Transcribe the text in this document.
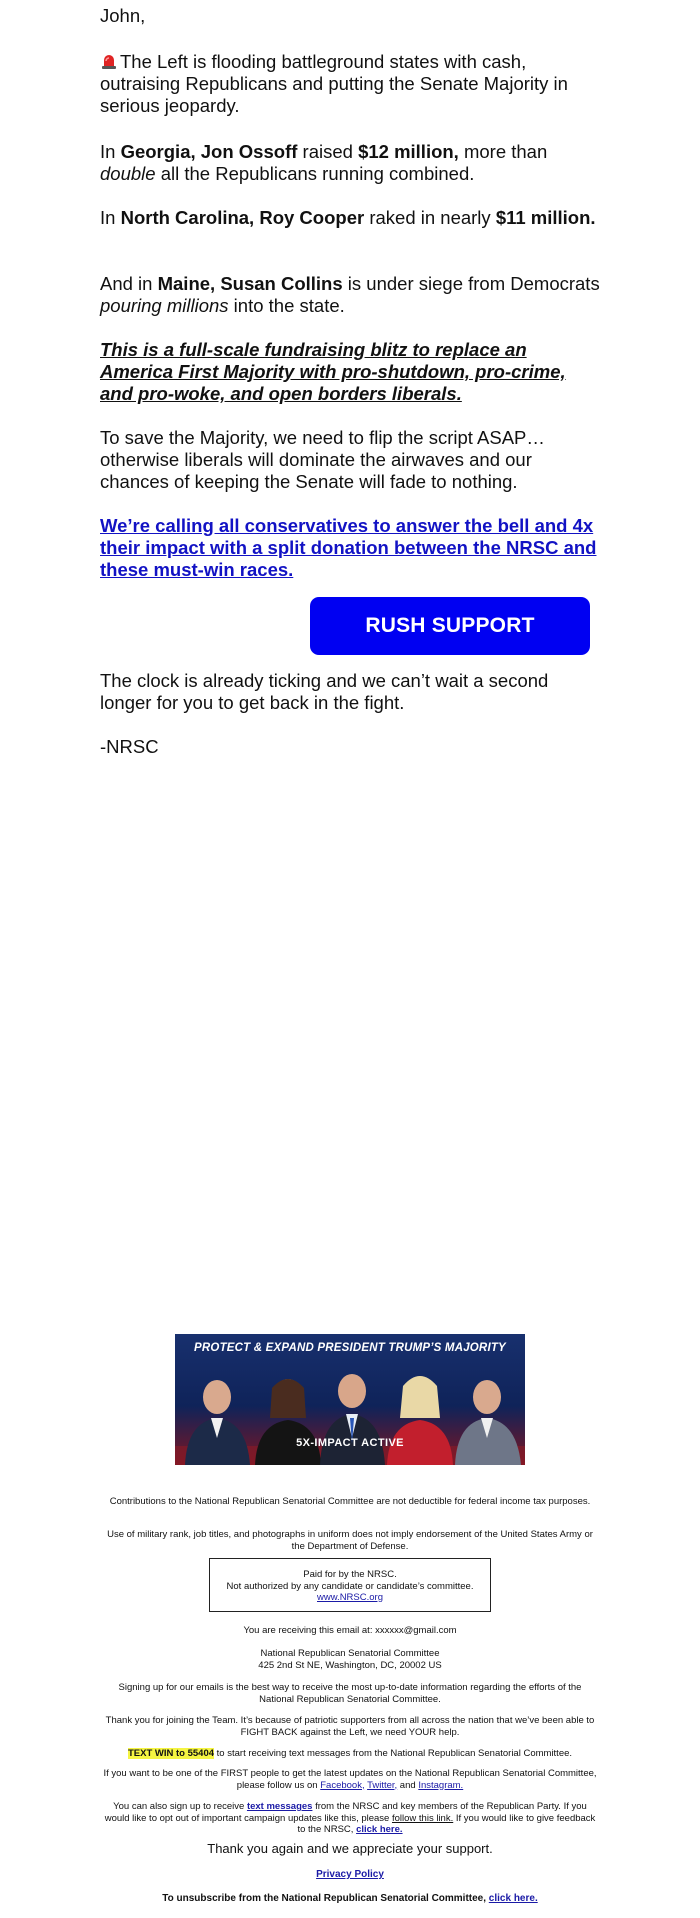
John,

The Left is flooding battleground states with cash, outraising Republicans and putting the Senate Majority in serious jeopardy.

In Georgia, Jon Ossoff raised $12 million, more than double all the Republicans running combined.

In North Carolina, Roy Cooper raked in nearly $11 million.

And in Maine, Susan Collins is under siege from Democrats pouring millions into the state.

This is a full-scale fundraising blitz to replace an America First Majority with pro-shutdown, pro-crime, and pro-woke, and open borders liberals.

To save the Majority, we need to flip the script ASAP… otherwise liberals will dominate the airwaves and our chances of keeping the Senate will fade to nothing.

We’re calling all conservatives to answer the bell and 4x their impact with a split donation between the NRSC and these must-win races.

RUSH SUPPORT

The clock is already ticking and we can’t wait a second longer for you to get back in the fight.

-NRSC

PROTECT & EXPAND PRESIDENT TRUMP’S MAJORITY
5X-IMPACT ACTIVE
Contributions to the National Republican Senatorial Committee are not deductible for federal income tax purposes.
Use of military rank, job titles, and photographs in uniform does not imply endorsement of the United States Army or the Department of Defense.
Paid for by the NRSC.
Not authorized by any candidate or candidate’s committee.
www.NRSC.org
You are receiving this email at: xxxxxx@gmail.com
National Republican Senatorial Committee
425 2nd St NE, Washington, DC, 20002 US
Signing up for our emails is the best way to receive the most up-to-date information regarding the efforts of the National Republican Senatorial Committee.
Thank you for joining the Team. It’s because of patriotic supporters from all across the nation that we’ve been able to FIGHT BACK against the Left, we need YOUR help.
TEXT WIN to 55404 to start receiving text messages from the National Republican Senatorial Committee.
If you want to be one of the FIRST people to get the latest updates on the National Republican Senatorial Committee, please follow us on Facebook, Twitter, and Instagram.
You can also sign up to receive text messages from the NRSC and key members of the Republican Party. If you would like to opt out of important campaign updates like this, please follow this link. If you would like to give feedback to the NRSC, click here.
Thank you again and we appreciate your support.
Privacy Policy
To unsubscribe from the National Republican Senatorial Committee, click here.
